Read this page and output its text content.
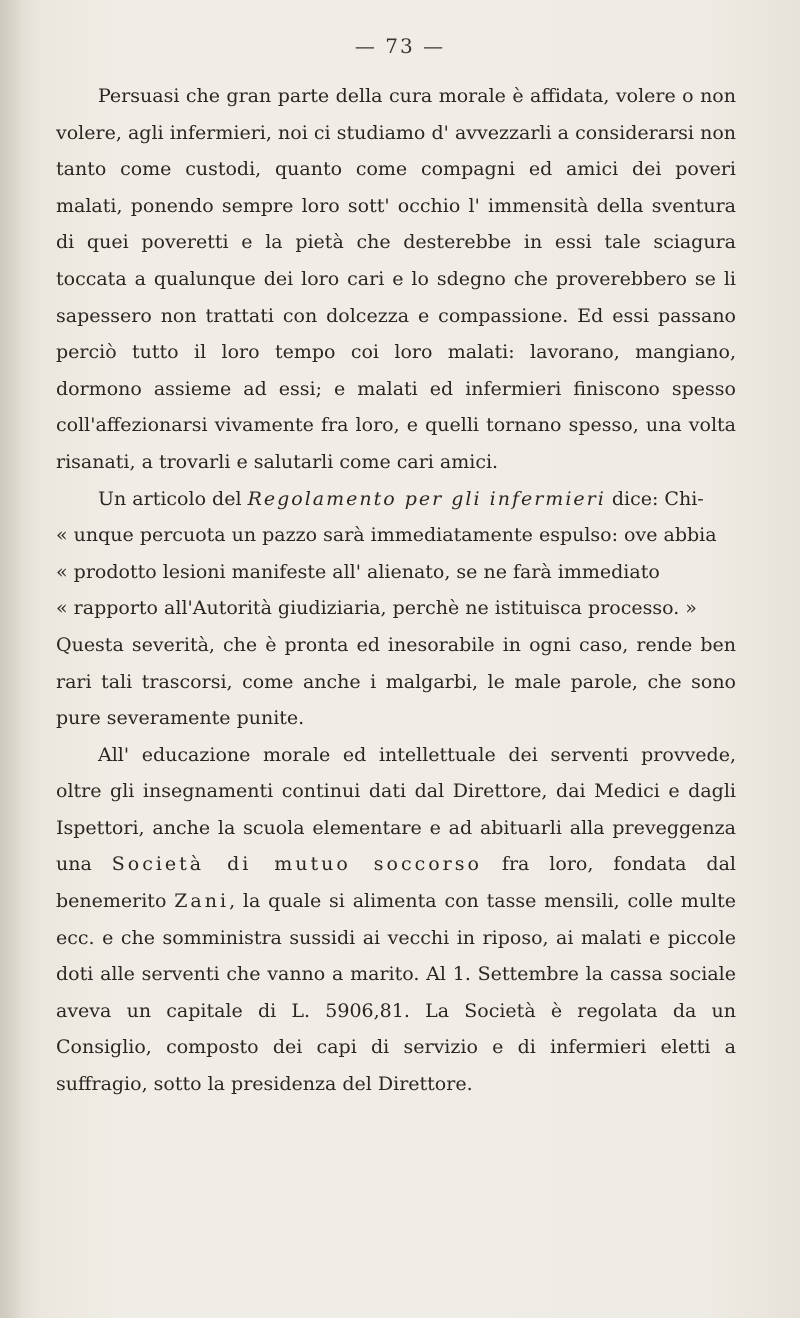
— 73 —

Persuasi che gran parte della cura morale è affidata, volere o non volere, agli infermieri, noi ci studiamo d' avvezzarli a considerarsi non tanto come custodi, quanto come compagni ed amici dei poveri malati, ponendo sempre loro sott' occhio l' immensità della sventura di quei poveretti e la pietà che desterebbe in essi tale sciagura toccata a qualunque dei loro cari e lo sdegno che proverebbero se li sapessero non trattati con dolcezza e compassione. Ed essi passano perciò tutto il loro tempo coi loro malati: lavorano, mangiano, dormono assieme ad essi; e malati ed infermieri finiscono spesso coll'affezionarsi vivamente fra loro, e quelli tornano spesso, una volta risanati, a trovarli e salutarli come cari amici.

Un articolo del Regolamento per gli infermieri dice: Chi-

« unque percuota un pazzo sarà immediatamente espulso: ove abbia

« prodotto lesioni manifeste all' alienato, se ne farà immediato

« rapporto all'Autorità giudiziaria, perchè ne istituisca processo. »

Questa severità, che è pronta ed inesorabile in ogni caso, rende ben rari tali trascorsi, come anche i malgarbi, le male parole, che sono pure severamente punite.

All' educazione morale ed intellettuale dei serventi provvede, oltre gli insegnamenti continui dati dal Direttore, dai Medici e dagli Ispettori, anche la scuola elementare e ad abituarli alla preveggenza una Società di mutuo soccorso fra loro, fondata dal benemerito Zani, la quale si alimenta con tasse mensili, colle multe ecc. e che somministra sussidi ai vecchi in riposo, ai malati e piccole doti alle serventi che vanno a marito. Al 1. Settembre la cassa sociale aveva un capitale di L. 5906,81. La Società è regolata da un Consiglio, composto dei capi di servizio e di infermieri eletti a suffragio, sotto la presidenza del Direttore.
